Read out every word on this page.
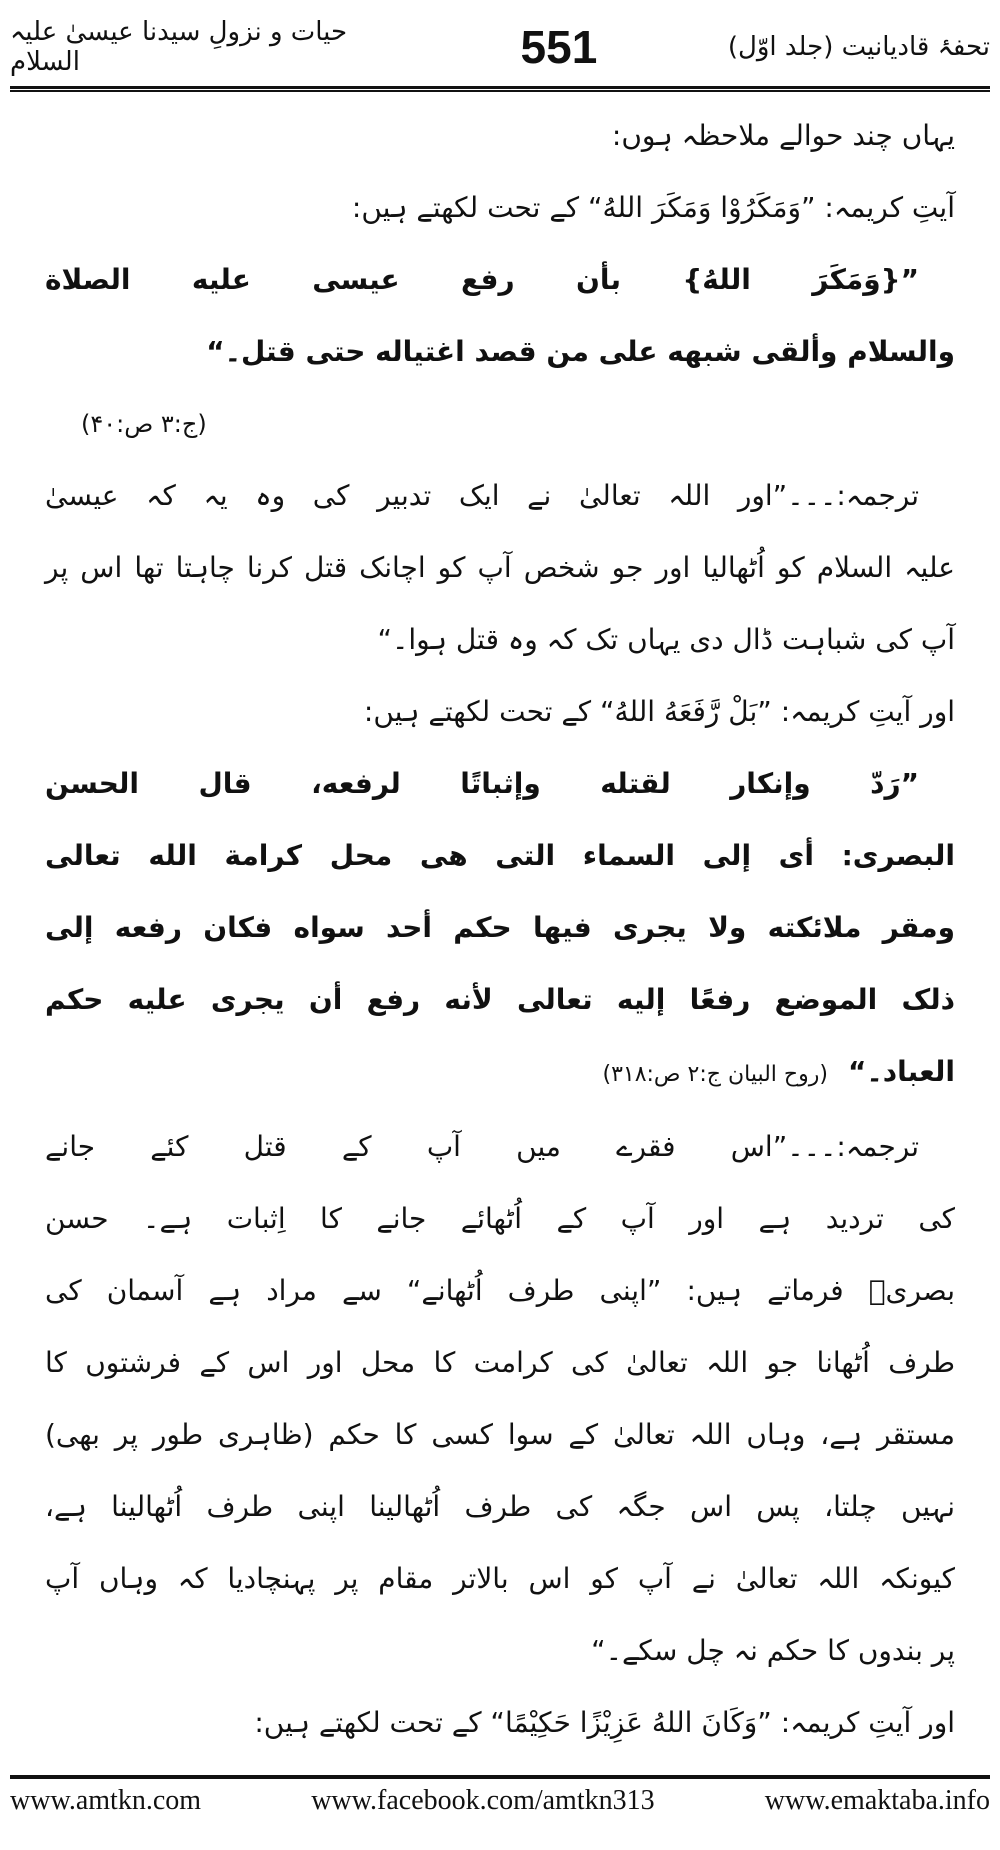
حیات و نزولِ سیدنا عیسیٰ علیہ السلام	551	تحفۂ قادیانیت (جلد اوّل)
یہاں چند حوالے ملاحظہ ہوں:
آیتِ کریمہ: ”وَمَکَرُوْا وَمَکَرَ اللهُ“ کے تحت لکھتے ہیں:
”{وَمَکَرَ اللهُ} بأن رفع عیسی علیه الصلاة
والسلام وألقی شبهه علی من قصد اغتیاله حتی قتل۔“
(ج:۳ ص:۴۰)
ترجمہ:۔۔۔”اور اللہ تعالیٰ نے ایک تدبیر کی وہ یہ کہ عیسیٰ
علیہ السلام کو اُٹھالیا اور جو شخص آپ کو اچانک قتل کرنا چاہتا تھا اس پر
آپ کی شباہت ڈال دی یہاں تک کہ وہ قتل ہوا۔“
اور آیتِ کریمہ: ”بَلْ رَّفَعَهُ اللهُ“ کے تحت لکھتے ہیں:
”رَدّ وإنكار لقتله وإثباتًا لرفعه، قال الحسن
البصری: أی إلی السماء التی هی محل کرامة الله تعالی
ومقر ملائکته ولا یجری فیها حکم أحد سواه فکان رفعه إلی
ذلک الموضع رفعًا إلیه تعالی لأنه رفع أن یجری علیه حکم
العباد۔“(روح البیان ج:۲ ص:۳۱۸)
ترجمہ:۔۔۔”اس فقرے میں آپ کے قتل کئے جانے
کی تردید ہے اور آپ کے اُٹھائے جانے کا اِثبات ہے۔ حسن
بصریؒ فرماتے ہیں: ”اپنی طرف اُٹھانے“ سے مراد ہے آسمان کی
طرف اُٹھانا جو اللہ تعالیٰ کی کرامت کا محل اور اس کے فرشتوں کا
مستقر ہے، وہاں اللہ تعالیٰ کے سوا کسی کا حکم (ظاہری طور پر بھی)
نہیں چلتا، پس اس جگہ کی طرف اُٹھالینا اپنی طرف اُٹھالینا ہے،
کیونکہ اللہ تعالیٰ نے آپ کو اس بالاتر مقام پر پہنچادیا کہ وہاں آپ
پر بندوں کا حکم نہ چل سکے۔“
اور آیتِ کریمہ: ”وَکَانَ اللهُ عَزِیْزًا حَکِیْمًا“ کے تحت لکھتے ہیں:
www.amtkn.com	www.facebook.com/amtkn313	www.emaktaba.info
